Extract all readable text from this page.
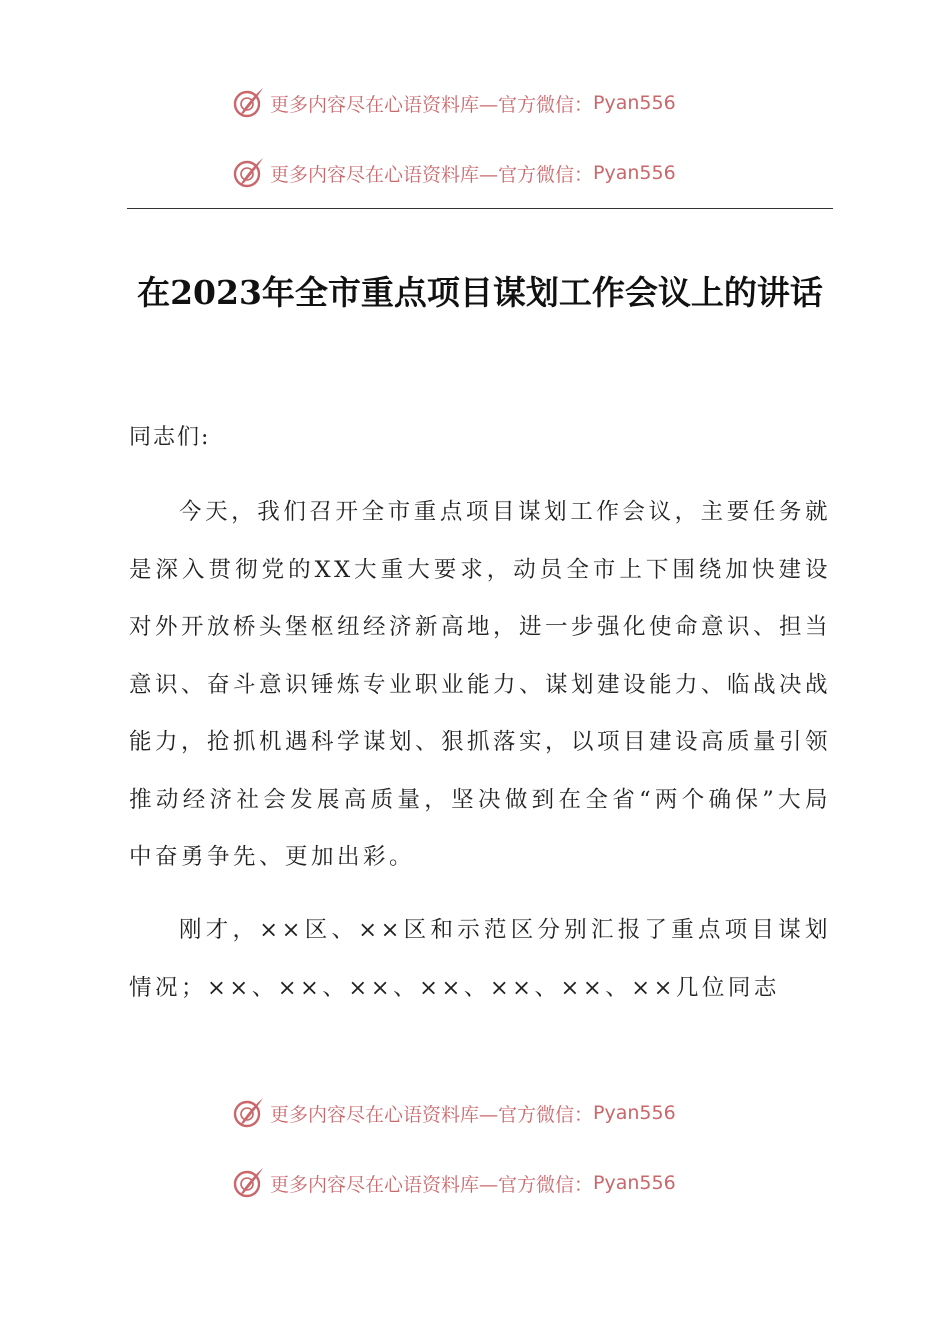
更多内容尽在心语资料库—官方微信： Pyan556
更多内容尽在心语资料库—官方微信： Pyan556
在2023年全市重点项目谋划工作会议上的讲话

同志们:

今天，我们召开全市重点项目谋划工作会议，主要任务就是深入贯彻党的XX大重大要求，动员全市上下围绕加快建设对外开放桥头堡枢纽经济新高地，进一步强化使命意识、担当意识、奋斗意识锤炼专业职业能力、谋划建设能力、临战决战能力，抢抓机遇科学谋划、狠抓落实，以项目建设高质量引领推动经济社会发展高质量，坚决做到在全省“两个确保”大局中奋勇争先、更加出彩。

刚才，××区、××区和示范区分别汇报了重点项目谋划情况；××、××、××、××、××、××、××几位同志

更多内容尽在心语资料库—官方微信： Pyan556
更多内容尽在心语资料库—官方微信： Pyan556
